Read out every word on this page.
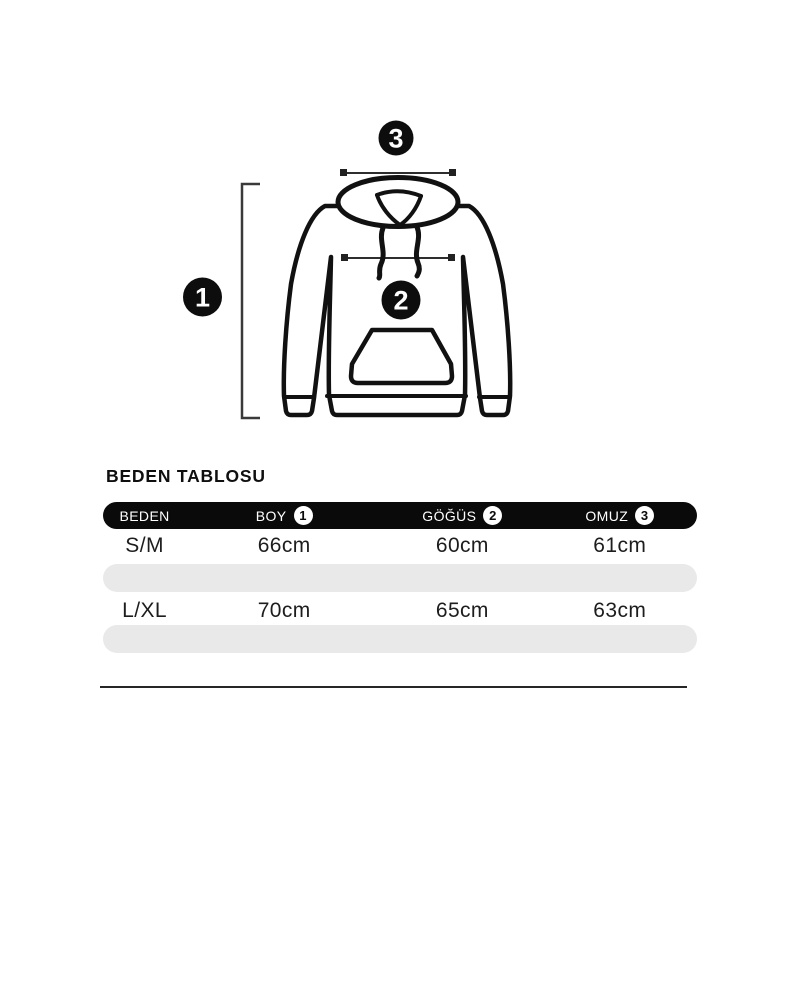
1	2
3
BEDEN TABLOSU
BEDEN	BOY 1	GÖĞÜS 2	OMUZ 3
S/M	66cm	60cm	61cm
L/XL	70cm	65cm	63cm
